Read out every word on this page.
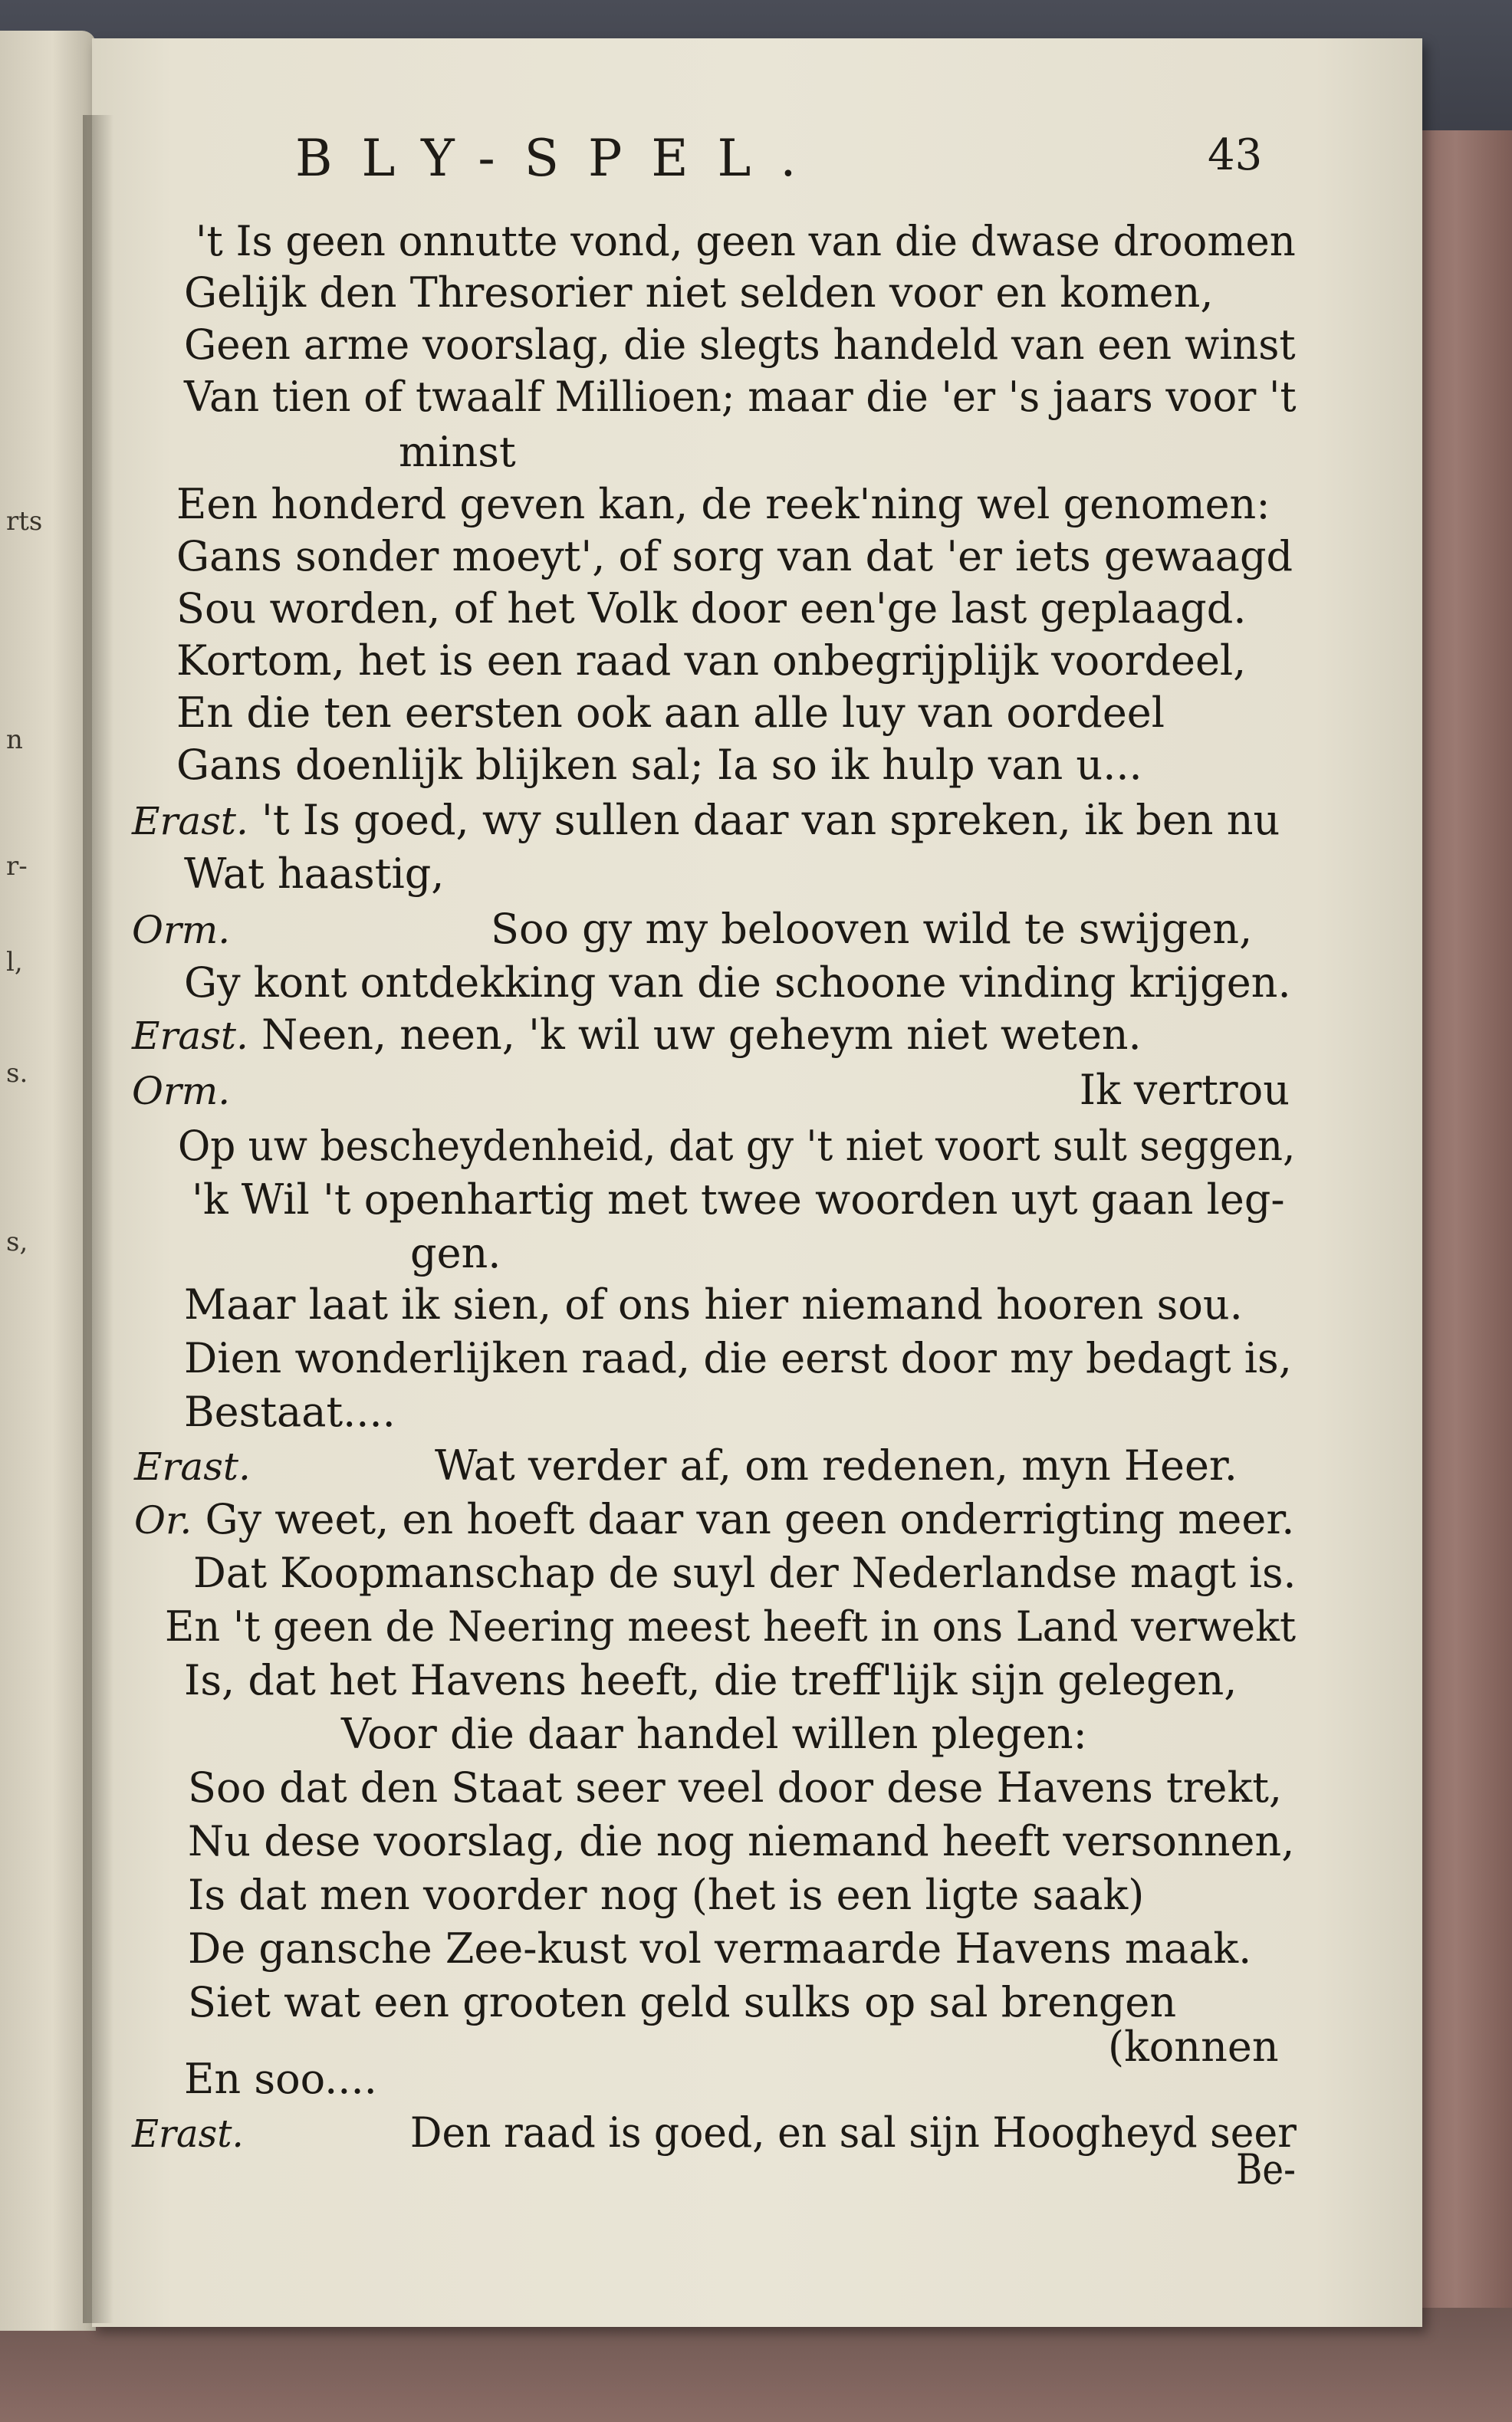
rts
n
r-
l,
s.
s,
BLY-SPEL.	43
't Is geen onnutte vond, geen van die dwase droomen
Gelijk den Thresorier niet selden voor en komen,
Geen arme voorslag, die slegts handeld van een winst
Van tien of twaalf Millioen; maar die 'er 's jaars voor 't
minst
Een honderd geven kan, de reek'ning wel genomen:
Gans sonder moeyt', of sorg van dat 'er iets gewaagd
Sou worden, of het Volk door een'ge last geplaagd.
Kortom, het is een raad van onbegrijplijk voordeel,
En die ten eersten ook aan alle luy van oordeel
Gans doenlijk blijken sal; Ia so ik hulp van u...
Erast. 't Is goed, wy sullen daar van spreken, ik ben nu
Wat haastig,
Orm.	Soo gy my belooven wild te swijgen,
Gy kont ontdekking van die schoone vinding krijgen.
Erast. Neen, neen, 'k wil uw geheym niet weten.
Orm.	Ik vertrou
Op uw bescheydenheid, dat gy 't niet voort sult seggen,
'k Wil 't openhartig met twee woorden uyt gaan leg-
gen.
Maar laat ik sien, of ons hier niemand hooren sou.
Dien wonderlijken raad, die eerst door my bedagt is,
Bestaat....
Erast.	Wat verder af, om redenen, myn Heer.
Or. Gy weet, en hoeft daar van geen onderrigting meer.
Dat Koopmanschap de suyl der Nederlandse magt is.
En 't geen de Neering meest heeft in ons Land verwekt
Is, dat het Havens heeft, die treff'lijk sijn gelegen,
Voor die daar handel willen plegen:
Soo dat den Staat seer veel door dese Havens trekt,
Nu dese voorslag, die nog niemand heeft versonnen,
Is dat men voorder nog (het is een ligte saak)
De gansche Zee-kust vol vermaarde Havens maak.
Siet wat een grooten geld sulks op sal brengen
(konnen
En soo....
Erast.	Den raad is goed, en sal sijn Hoogheyd seer
Be-
